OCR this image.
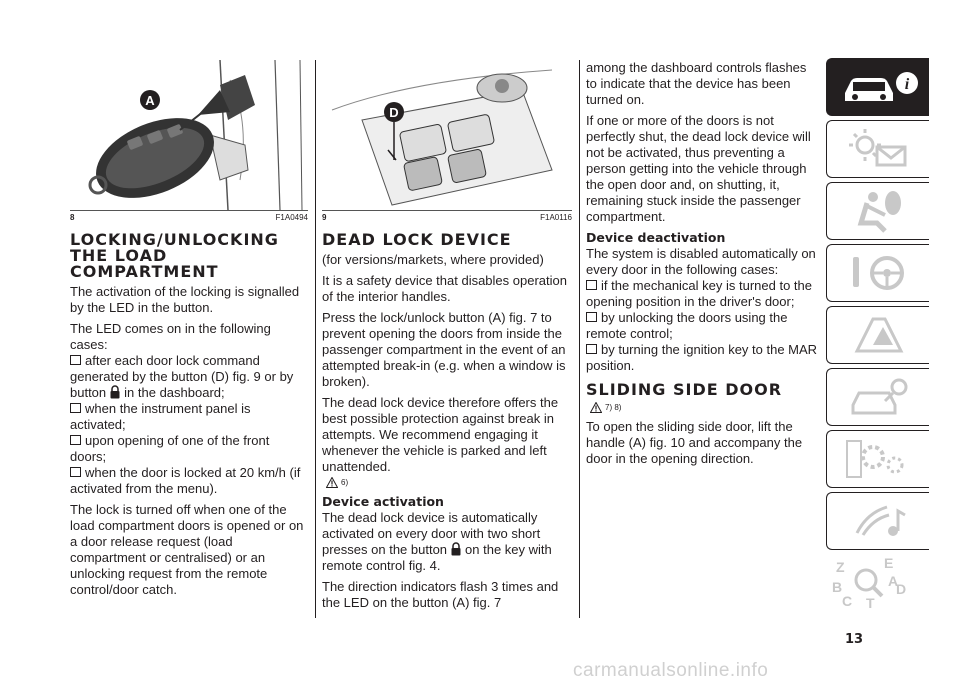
A
8	F1A0494
LOCKING/UNLOCKING
THE LOAD
COMPARTMENT

The activation of the locking is signalled by the LED in the button.

The LED comes on in the following cases:

after each door lock command generated by the button (D) fig. 9 or by button in the dashboard;
when the instrument panel is activated;
upon opening of one of the front doors;
when the door is locked at 20 km/h (if activated from the menu).

The lock is turned off when one of the load compartment doors is opened or on a door release request (load compartment or centralised) or an unlocking request from the remote control/door catch.

D
9	F1A0116
DEAD LOCK DEVICE

(for versions/markets, where provided)

It is a safety device that disables operation of the interior handles.

Press the lock/unlock button (A) fig. 7 to prevent opening the doors from inside the passenger compartment in the event of an attempted break-in (e.g. when a window is broken).

The dead lock device therefore offers the best possible protection against break in attempts. We recommend engaging it whenever the vehicle is parked and left unattended.

6)
Device activation

The dead lock device is automatically activated on every door with two short presses on the button on the key with remote control fig. 4.

The direction indicators flash 3 times and the LED on the button (A) fig. 7

among the dashboard controls flashes to indicate that the device has been turned on.

If one or more of the doors is not perfectly shut, the dead lock device will not be activated, thus preventing a person getting into the vehicle through the open door and, on shutting, it, remaining stuck inside the passenger compartment.

Device deactivation

The system is disabled automatically on every door in the following cases:

if the mechanical key is turned to the opening position in the driver's door;
by unlocking the doors using the remote control;
by turning the ignition key to the MAR position.
SLIDING SIDE DOOR
7) 8)

To open the sliding side door, lift the handle (A) fig. 10 and accompany the door in the opening direction.

i
Z	E
A
B
C T
D
13
carmanualsonline.info
